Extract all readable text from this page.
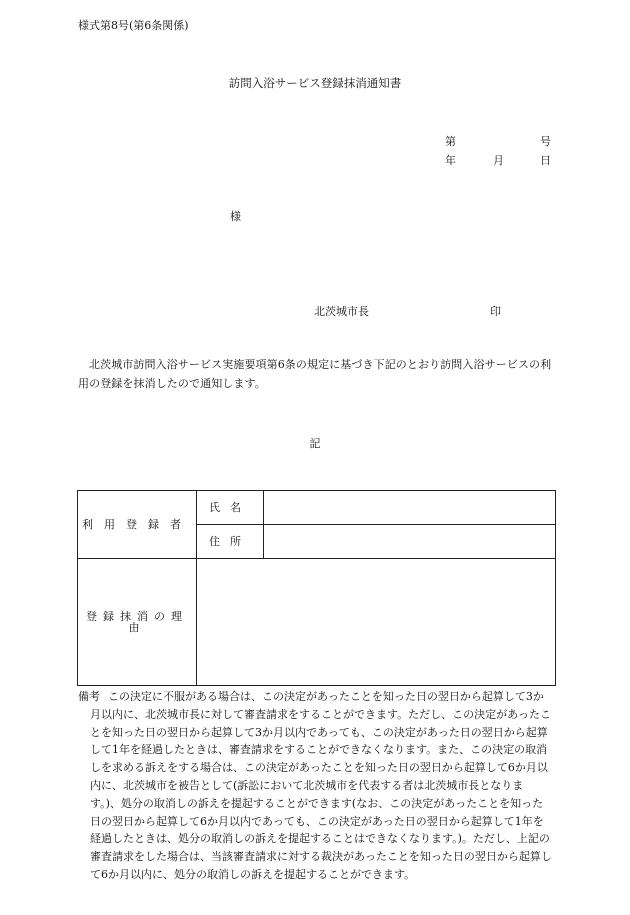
様式第8号(第6条関係)
訪問入浴サービス登録抹消通知書
第	号
年	月	日
様
北茨城市長	印
北茨城市訪問入浴サービス実施要項第6条の規定に基づき下記のとおり訪問入浴サービスの利用の登録を抹消したので通知します。
記
利用登録者	氏名	
	住所	
登録抹消の理由		
備考 この決定に不服がある場合は、この決定があったことを知った日の翌日から起算して3か月以内に、北茨城市長に対して審査請求をすることができます。ただし、この決定があったことを知った日の翌日から起算して3か月以内であっても、この決定があった日の翌日から起算して1年を経過したときは、審査請求をすることができなくなります。また、この決定の取消しを求める訴えをする場合は、この決定があったことを知った日の翌日から起算して6か月以内に、北茨城市を被告として(訴訟において北茨城市を代表する者は北茨城市長となります。)、処分の取消しの訴えを提起することができます(なお、この決定があったことを知った日の翌日から起算して6か月以内であっても、この決定があった日の翌日から起算して1年を経過したときは、処分の取消しの訴えを提起することはできなくなります。)。ただし、上記の審査請求をした場合は、当該審査請求に対する裁決があったことを知った日の翌日から起算して6か月以内に、処分の取消しの訴えを提起することができます。
